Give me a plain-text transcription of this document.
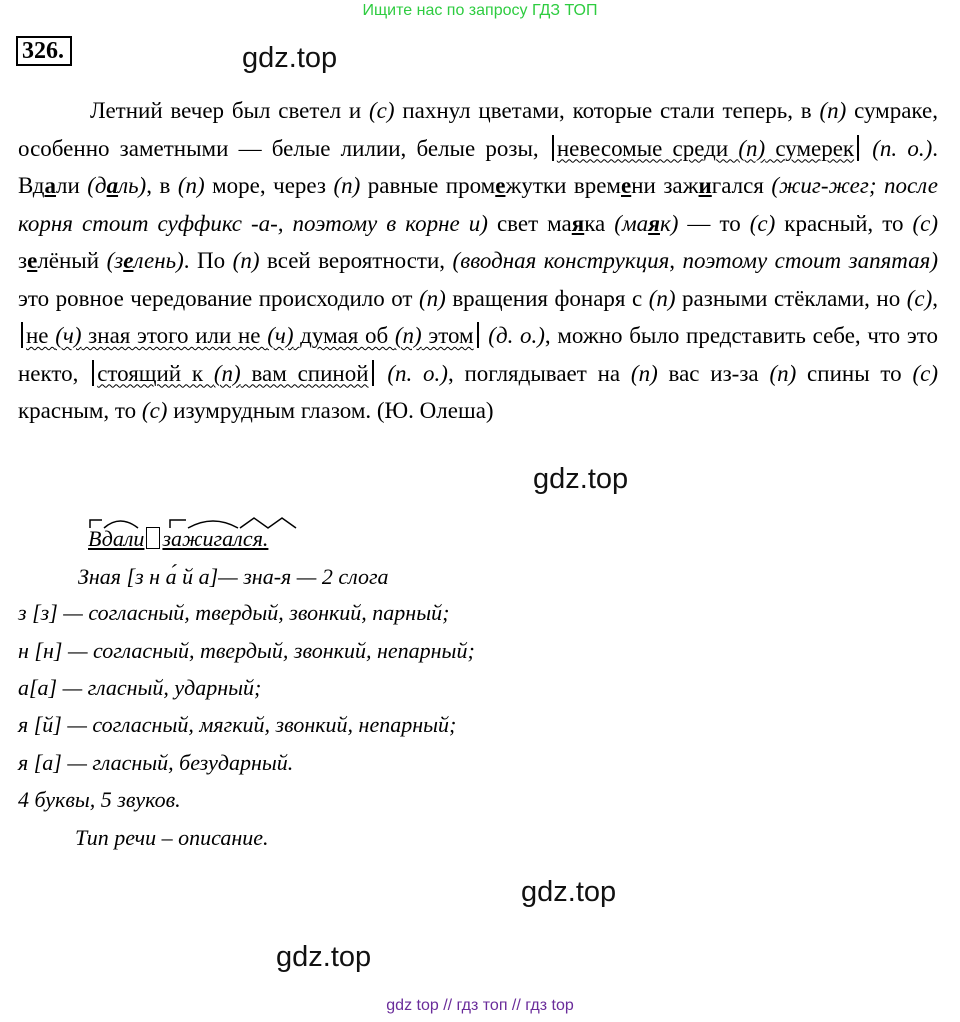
Ищите нас по запросу ГДЗ ТОП
326.	gdz.top
gdz.top
gdz.top
gdz.top
Летний вечер был светел и (с) пахнул цветами, которые стали теперь, в (п) сумраке, особенно заметными — белые лилии, белые розы, невесомые среди (п) сумерек (п. о.). Вдали (даль), в (п) море, через (п) равные промежутки времени зажигался (жиг-жег; после корня стоит суффикс -а-, поэтому в корне и) свет маяка (маяк) — то (с) красный, то (с) зелёный (зелень). По (п) всей вероятности, (вводная конструкция, поэтому стоит запятая) это ровное чередование происходило от (п) вращения фонаря с (п) разными стёклами, но (с), не (ч) зная этого или не (ч) думая об (п) этом (д. о.), можно было представить себе, что это некто, стоящий к (п) вам спиной (п. о.), поглядывает на (п) вас из-за (п) спины то (с) красным, то (с) изумрудным глазом. (Ю. Олеша)
Вдали зажигался.
Зная [з н а́ й а]— зна-я — 2 слога
з [з] — согласный, твердый, звонкий, парный;
н [н] — согласный, твердый, звонкий, непарный;
а[а] — гласный, ударный;
я [й] — согласный, мягкий, звонкий, непарный;
я [а] — гласный, безударный.
4 буквы, 5 звуков.
Тип речи – описание.
gdz top // гдз топ // гдз top
